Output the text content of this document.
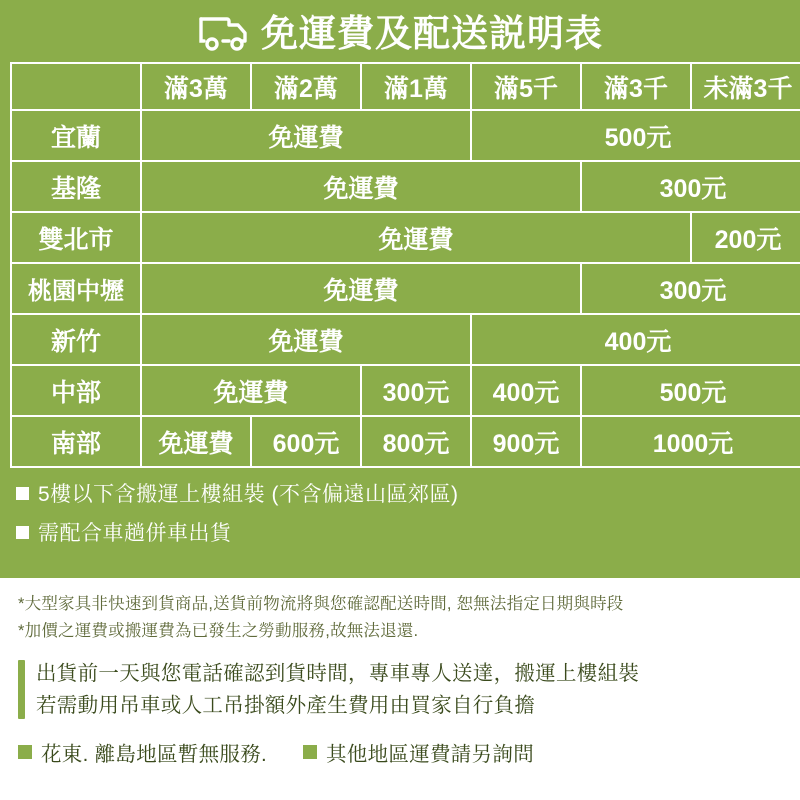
免運費及配送説明表
	滿3萬	滿2萬	滿1萬	滿5千	滿3千	未滿3千
宜蘭	免運費			500元		
基隆	免運費				300元	
雙北市	免運費					200元
桃園中壢	免運費				300元	
新竹	免運費			400元		
中部	免運費		300元	400元	500元	
南部	免運費	600元	800元	900元	1000元	
5樓以下含搬運上樓組裝 (不含偏遠山區郊區)
需配合車趟併車出貨

*大型家具非快速到貨商品,送貨前物流將與您確認配送時間, 恕無法指定日期與時段

*加價之運費或搬運費為已發生之勞動服務,故無法退還.

出貨前一天與您電話確認到貨時間，專車專人送達，搬運上樓組裝
若需動用吊車或人工吊掛額外產生費用由買家自行負擔
花東. 離島地區暫無服務.	其他地區運費請另詢問
